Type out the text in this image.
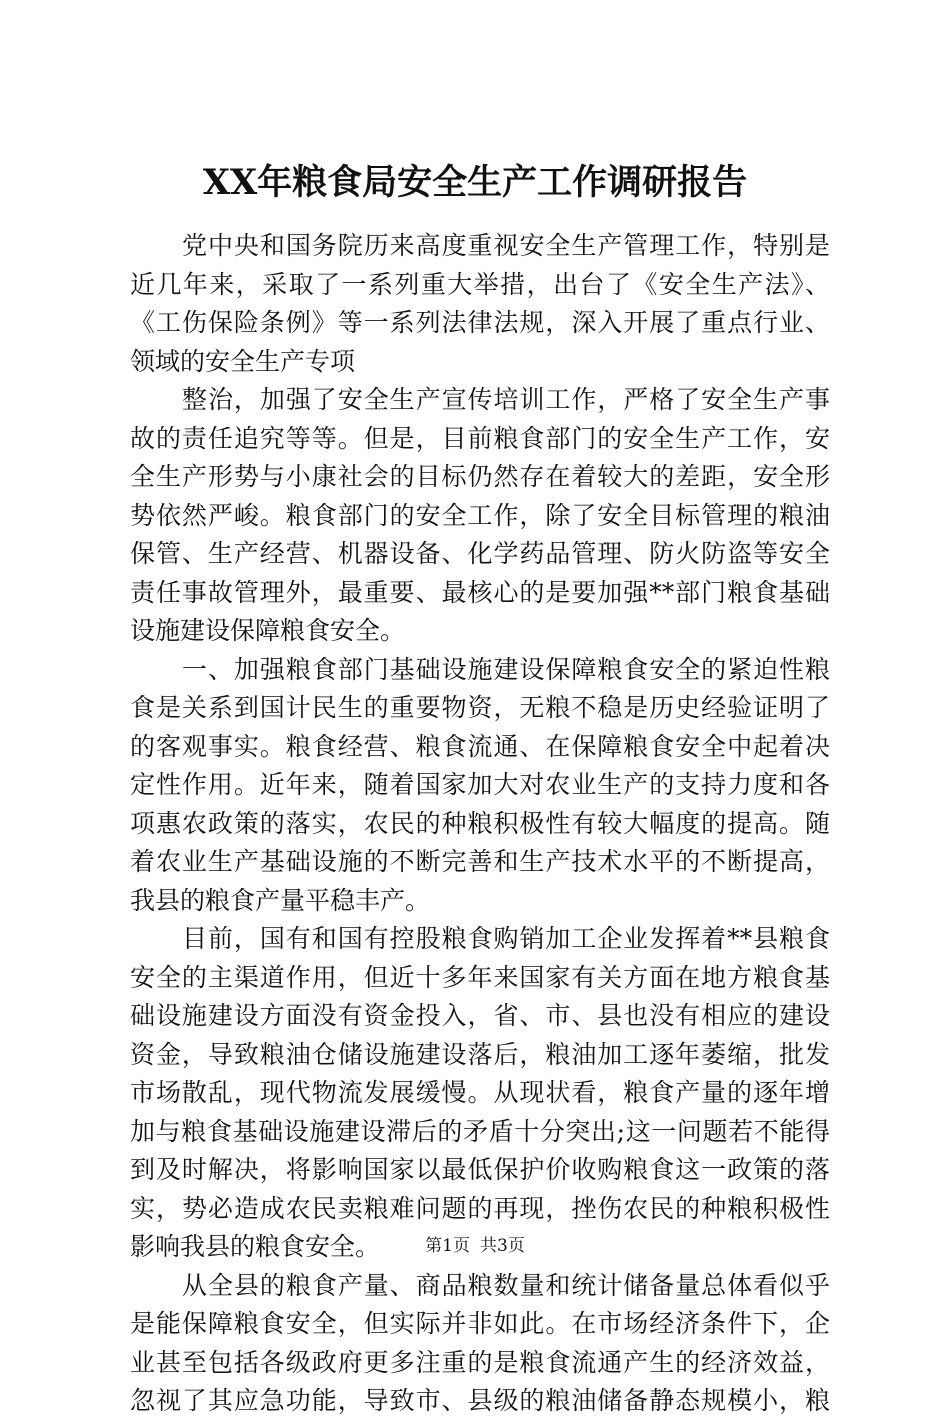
XX年粮食局安全生产工作调研报告
党中央和国务院历来高度重视安全生产管理工作，特别是
近几年来，采取了一系列重大举措，出台了《安全生产法》、
《工伤保险条例》等一系列法律法规，深入开展了重点行业、
领域的安全生产专项
整治，加强了安全生产宣传培训工作，严格了安全生产事
故的责任追究等等。但是，目前粮食部门的安全生产工作，安
全生产形势与小康社会的目标仍然存在着较大的差距，安全形
势依然严峻。粮食部门的安全工作，除了安全目标管理的粮油
保管、生产经营、机器设备、化学药品管理、防火防盗等安全
责任事故管理外，最重要、最核心的是要加强**部门粮食基础
设施建设保障粮食安全。
一、加强粮食部门基础设施建设保障粮食安全的紧迫性粮
食是关系到国计民生的重要物资，无粮不稳是历史经验证明了
的客观事实。粮食经营、粮食流通、在保障粮食安全中起着决
定性作用。近年来，随着国家加大对农业生产的支持力度和各
项惠农政策的落实，农民的种粮积极性有较大幅度的提高。随
着农业生产基础设施的不断完善和生产技术水平的不断提高，
我县的粮食产量平稳丰产。
目前，国有和国有控股粮食购销加工企业发挥着**县粮食
安全的主渠道作用，但近十多年来国家有关方面在地方粮食基
础设施建设方面没有资金投入，省、市、县也没有相应的建设
资金，导致粮油仓储设施建设落后，粮油加工逐年萎缩，批发
市场散乱，现代物流发展缓慢。从现状看，粮食产量的逐年增
加与粮食基础设施建设滞后的矛盾十分突出;这一问题若不能得
到及时解决，将影响国家以最低保护价收购粮食这一政策的落
实，势必造成农民卖粮难问题的再现，挫伤农民的种粮积极性
影响我县的粮食安全。
从全县的粮食产量、商品粮数量和统计储备量总体看似乎
是能保障粮食安全，但实际并非如此。在市场经济条件下，企
业甚至包括各级政府更多注重的是粮食流通产生的经济效益，
忽视了其应急功能，导致市、县级的粮油储备静态规模小，粮
第1页 共3页
